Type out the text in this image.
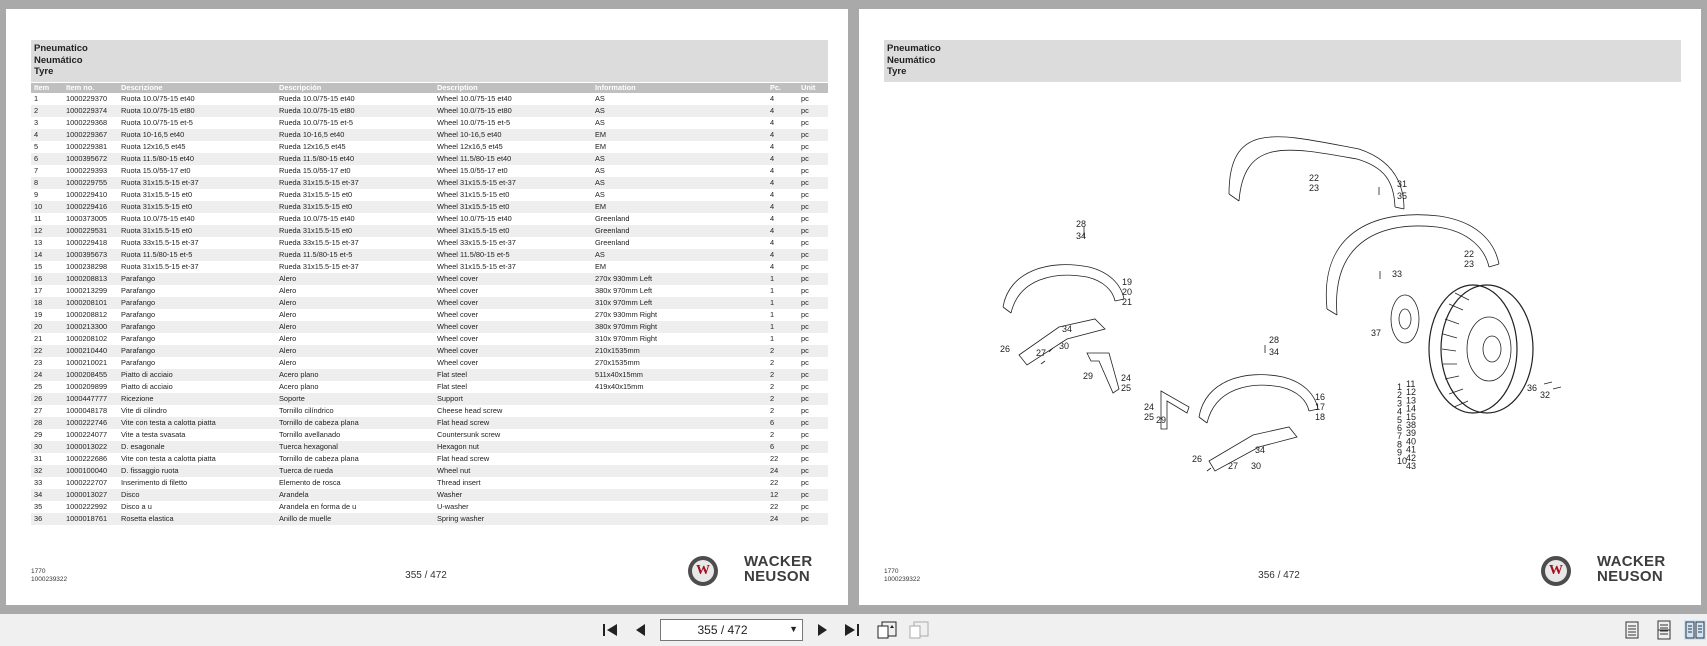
Pneumatico
Neumático
Tyre
Item	Item no.	Descrizione	Descripción	Description	Information	Pc.	Unit
1	1000229370	Ruota 10.0/75-15 et40	Rueda 10.0/75-15 et40	Wheel 10.0/75-15 et40	AS	4	pc
2	1000229374	Ruota 10.0/75-15 et80	Rueda 10.0/75-15 et80	Wheel 10.0/75-15 et80	AS	4	pc
3	1000229368	Ruota 10.0/75-15 et-5	Rueda 10.0/75-15 et-5	Wheel 10.0/75-15 et-5	AS	4	pc
4	1000229367	Ruota 10-16,5 et40	Rueda 10-16,5 et40	Wheel 10-16,5 et40	EM	4	pc
5	1000229381	Ruota 12x16,5 et45	Rueda 12x16,5 et45	Wheel 12x16,5 et45	EM	4	pc
6	1000395672	Ruota 11.5/80-15 et40	Rueda 11.5/80-15 et40	Wheel 11.5/80-15 et40	AS	4	pc
7	1000229393	Ruota 15.0/55-17 et0	Rueda 15.0/55-17 et0	Wheel 15.0/55-17 et0	AS	4	pc
8	1000229755	Ruota 31x15.5-15 et-37	Rueda 31x15.5-15 et-37	Wheel 31x15.5-15 et-37	AS	4	pc
9	1000229410	Ruota 31x15.5-15 et0	Rueda 31x15.5-15 et0	Wheel 31x15.5-15 et0	AS	4	pc
10	1000229416	Ruota 31x15.5-15 et0	Rueda 31x15.5-15 et0	Wheel 31x15.5-15 et0	EM	4	pc
11	1000373005	Ruota 10.0/75-15 et40	Rueda 10.0/75-15 et40	Wheel 10.0/75-15 et40	Greenland	4	pc
12	1000229531	Ruota 31x15.5-15 et0	Rueda 31x15.5-15 et0	Wheel 31x15.5-15 et0	Greenland	4	pc
13	1000229418	Ruota 33x15.5-15 et-37	Rueda 33x15.5-15 et-37	Wheel 33x15.5-15 et-37	Greenland	4	pc
14	1000395673	Ruota 11.5/80-15 et-5	Rueda 11.5/80-15 et-5	Wheel 11.5/80-15 et-5	AS	4	pc
15	1000238298	Ruota 31x15.5-15 et-37	Rueda 31x15.5-15 et-37	Wheel 31x15.5-15 et-37	EM	4	pc
16	1000208813	Parafango	Alero	Wheel cover	270x 930mm Left	1	pc
17	1000213299	Parafango	Alero	Wheel cover	380x 970mm Left	1	pc
18	1000208101	Parafango	Alero	Wheel cover	310x 970mm Left	1	pc
19	1000208812	Parafango	Alero	Wheel cover	270x 930mm Right	1	pc
20	1000213300	Parafango	Alero	Wheel cover	380x 970mm Right	1	pc
21	1000208102	Parafango	Alero	Wheel cover	310x 970mm Right	1	pc
22	1000210440	Parafango	Alero	Wheel cover	210x1535mm	2	pc
23	1000210021	Parafango	Alero	Wheel cover	270x1535mm	2	pc
24	1000208455	Piatto di acciaio	Acero plano	Flat steel	511x40x15mm	2	pc
25	1000209899	Piatto di acciaio	Acero plano	Flat steel	419x40x15mm	2	pc
26	1000447777	Ricezione	Soporte	Support		2	pc
27	1000048178	Vite di cilindro	Tornillo cilíndrico	Cheese head screw		2	pc
28	1000222746	Vite con testa a calotta piatta	Tornillo de cabeza plana	Flat head screw		6	pc
29	1000224077	Vite a testa svasata	Tornillo avellanado	Countersunk screw		2	pc
30	1000013022	D. esagonale	Tuerca hexagonal	Hexagon nut		6	pc
31	1000222686	Vite con testa a calotta piatta	Tornillo de cabeza plana	Flat head screw		22	pc
32	1000100040	D. fissaggio ruota	Tuerca de rueda	Wheel nut		24	pc
33	1000222707	Inserimento di filetto	Elemento de rosca	Thread insert		22	pc
34	1000013027	Disco	Arandela	Washer		12	pc
35	1000222992	Disco a u	Arandela en forma de u	U-washer		22	pc
36	1000018761	Rosetta elastica	Anillo de muelle	Spring washer		24	pc
1770
1000239322	355 / 472	W
WACKER
NEUSON
Pneumatico
Neumático
Tyre
22
23	31
35
22
23
33
28
34
19
20
21
34
26	27
30
29	24
25
37
28
34
16
17
18
24
25 29
26
27 30
34
36
32
1
2
3
4
5
6
7
8
9
10
11
12
13
14
15
38
39
40
41
42
43
1770
1000239322	356 / 472	W
WACKER
NEUSON
355 / 472	▼
